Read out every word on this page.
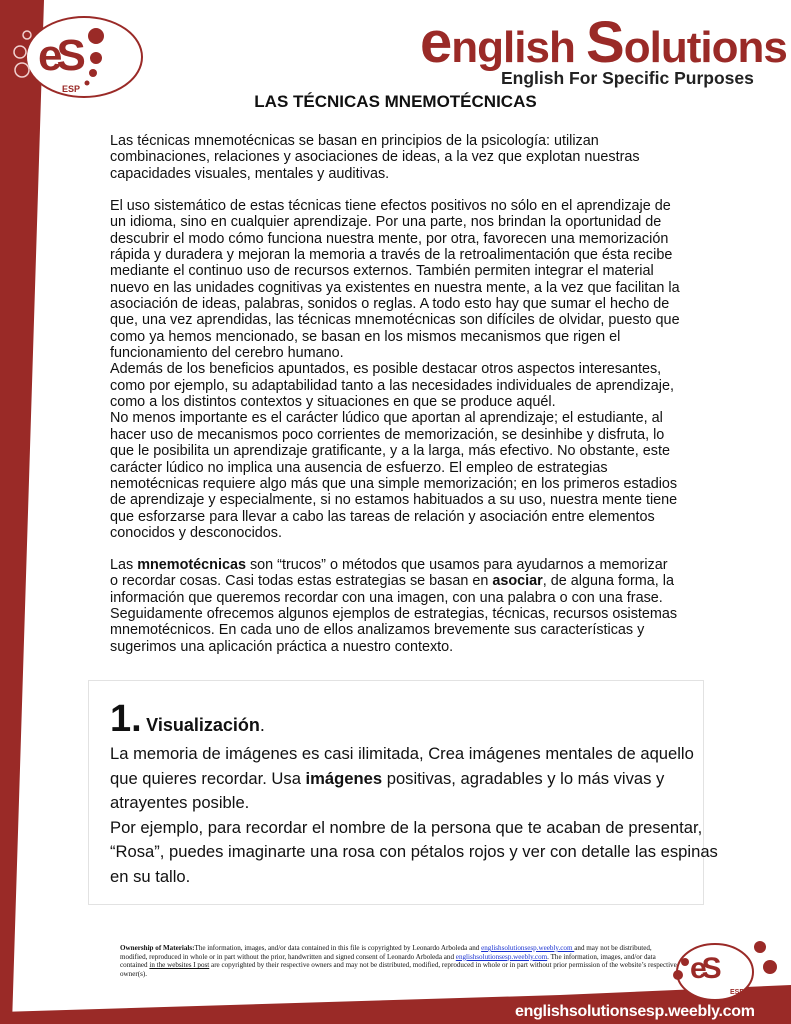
eS
ESP
eS
ESP
english Solutions
English For Specific Purposes
LAS TÉCNICAS MNEMOTÉCNICAS
Las técnicas mnemotécnicas se basan en principios de la psicología: utilizan
combinaciones, relaciones y asociaciones de ideas, a la vez que explotan nuestras
capacidades visuales, mentales y auditivas.
El uso sistemático de estas técnicas tiene efectos positivos no sólo en el aprendizaje de
un idioma, sino en cualquier aprendizaje. Por una parte, nos brindan la oportunidad de
descubrir el modo cómo funciona nuestra mente, por otra, favorecen una memorización
rápida y duradera y mejoran la memoria a través de la retroalimentación que ésta recibe
mediante el continuo uso de recursos externos. También permiten integrar el material
nuevo en las unidades cognitivas ya existentes en nuestra mente, a la vez que facilitan la
asociación de ideas, palabras, sonidos o reglas. A todo esto hay que sumar el hecho de
que, una vez aprendidas, las técnicas mnemotécnicas son difíciles de olvidar, puesto que
como ya hemos mencionado, se basan en los mismos mecanismos que rigen el
funcionamiento del cerebro humano.
Además de los beneficios apuntados, es posible destacar otros aspectos interesantes,
como por ejemplo, su adaptabilidad tanto a las necesidades individuales de aprendizaje,
como a los distintos contextos y situaciones en que se produce aquél.
No menos importante es el carácter lúdico que aportan al aprendizaje; el estudiante, al
hacer uso de mecanismos poco corrientes de memorización, se desinhibe y disfruta, lo
que le posibilita un aprendizaje gratificante, y a la larga, más efectivo. No obstante, este
carácter lúdico no implica una ausencia de esfuerzo. El empleo de estrategias
nemotécnicas requiere algo más que una simple memorización; en los primeros estadios
de aprendizaje y especialmente, si no estamos habituados a su uso, nuestra mente tiene
que esforzarse para llevar a cabo las tareas de relación y asociación entre elementos
conocidos y desconocidos.
Las mnemotécnicas son “trucos” o métodos que usamos para ayudarnos a memorizar
o recordar cosas. Casi todas estas estrategias se basan en asociar, de alguna forma, la
información que queremos recordar con una imagen, con una palabra o con una frase.
Seguidamente ofrecemos algunos ejemplos de estrategias, técnicas, recursos osistemas
mnemotécnicos. En cada uno de ellos analizamos brevemente sus características y
sugerimos una aplicación práctica a nuestro contexto.
1. Visualización.
La memoria de imágenes es casi ilimitada, Crea imágenes mentales de aquello
que quieres recordar. Usa imágenes positivas, agradables y lo más vivas y
atrayentes posible.
Por ejemplo, para recordar el nombre de la persona que te acaban de presentar,
“Rosa”, puedes imaginarte una rosa con pétalos rojos y ver con detalle las espinas
en su tallo.
Ownership of Materials:The information, images, and/or data contained in this file is copyrighted by Leonardo Arboleda and englishsolutionsesp.weebly.com and may not be distributed, modified, reproduced in whole or in part without the prior, handwritten and signed consent of Leonardo Arboleda and englishsolutionsesp.weebly.com. The information, images, and/or data contained in the websites I post are copyrighted by their respective owners and may not be distributed, modified, reproduced in whole or in part without prior permission of the website’s respective owner(s).
englishsolutionsesp.weebly.com
